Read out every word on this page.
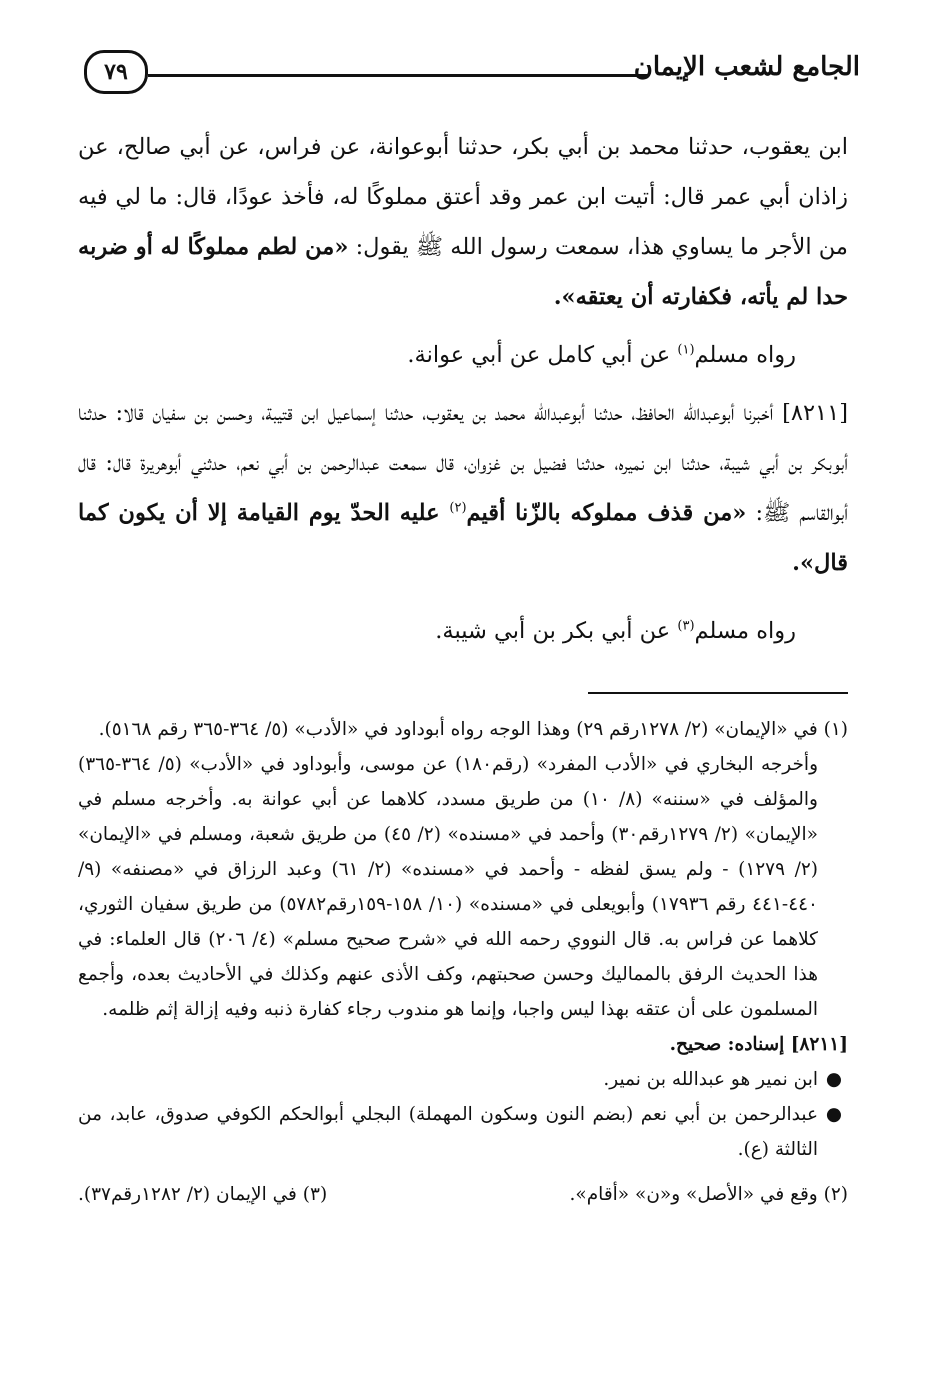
الجامع لشعب الإيمان
٧٩

ابن يعقوب، حدثنا محمد بن أبي بكر، حدثنا أبوعوانة، عن فراس، عن أبي صالح، عن زاذان أبي عمر قال: أتيت ابن عمر وقد أعتق مملوكًا له، فأخذ عودًا، قال: ما لي فيه من الأجر ما يساوي هذا، سمعت رسول الله ﷺ يقول: «من لطم مملوكًا له أو ضربه حدا لم يأته، فكفارته أن يعتقه».

رواه مسلم$^{(١)}$ عن أبي كامل عن أبي عوانة.

[٨٢١١] أخبرنا أبوعبدالله الحافظ، حدثنا أبوعبدالله محمد بن يعقوب، حدثنا إسماعيل ابن قتيبة، وحسن بن سفيان قالا: حدثنا أبوبكر بن أبي شيبة، حدثنا ابن نميره، حدثنا فضيل بن غزوان، قال سمعت عبدالرحمن بن أبي نعم، حدثني أبوهريرة قال: قال أبوالقاسم ﷺ: «من قذف مملوكه بالزّنا أقيم$^{(٢)}$ عليه الحدّ يوم القيامة إلا أن يكون كما قال».

رواه مسلم$^{(٣)}$ عن أبي بكر بن أبي شيبة.

(١) في «الإيمان» (٢/ ١٢٧٨رقم ٢٩) وهذا الوجه رواه أبوداود في «الأدب» (٥/ ٣٦٤-٣٦٥ رقم ٥١٦٨).

وأخرجه البخاري في «الأدب المفرد» (رقم١٨٠) عن موسى، وأبوداود في «الأدب» (٥/ ٣٦٤-٣٦٥) والمؤلف في «سننه» (٨/ ١٠) من طريق مسدد، كلاهما عن أبي عوانة به. وأخرجه مسلم في «الإيمان» (٢/ ١٢٧٩رقم٣٠) وأحمد في «مسنده» (٢/ ٤٥) من طريق شعبة، ومسلم في «الإيمان» (٢/ ١٢٧٩) - ولم يسق لفظه - وأحمد في «مسنده» (٢/ ٦١) وعبد الرزاق في «مصنفه» (٩/ ٤٤٠-٤٤١ رقم ١٧٩٣٦) وأبويعلى في «مسنده» (١٠/ ١٥٨-١٥٩رقم٥٧٨٢) من طريق سفيان الثوري، كلاهما عن فراس به. قال النووي رحمه الله في «شرح صحيح مسلم» (٤/ ٢٠٦) قال العلماء: في هذا الحديث الرفق بالمماليك وحسن صحبتهم، وكف الأذى عنهم وكذلك في الأحاديث بعده، وأجمع المسلمون على أن عتقه بهذا ليس واجبا، وإنما هو مندوب رجاء كفارة ذنبه وفيه إزالة إثم ظلمه.

[٨٢١١] إسناده: صحيح.

●
ابن نمير هو عبدالله بن نمير.

●
عبدالرحمن بن أبي نعم (بضم النون وسكون المهملة) البجلي أبوالحكم الكوفي صدوق، عابد، من الثالثة (ع).

(٢) وقع في «الأصل» و«ن» «أقام».
(٣) في الإيمان (٢/ ١٢٨٢رقم٣٧).
